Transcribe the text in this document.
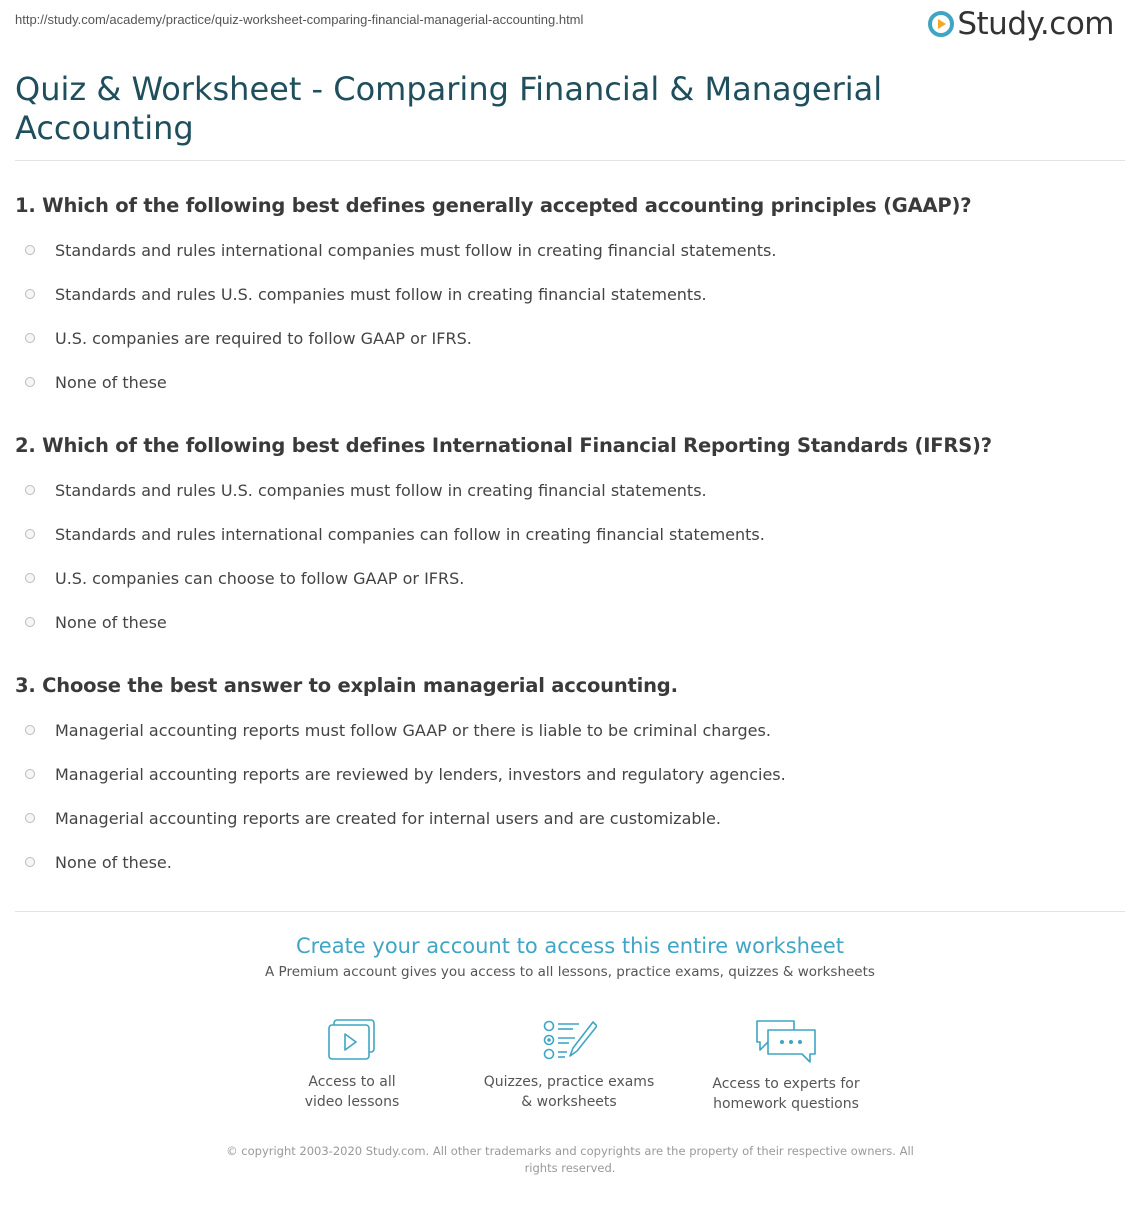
http://study.com/academy/practice/quiz-worksheet-comparing-financial-managerial-accounting.html	Study.com
Quiz & Worksheet - Comparing Financial & Managerial Accounting

1. Which of the following best defines generally accepted accounting principles (GAAP)?

Standards and rules international companies must follow in creating financial statements.
Standards and rules U.S. companies must follow in creating financial statements.
U.S. companies are required to follow GAAP or IFRS.
None of these

2. Which of the following best defines International Financial Reporting Standards (IFRS)?

Standards and rules U.S. companies must follow in creating financial statements.
Standards and rules international companies can follow in creating financial statements.
U.S. companies can choose to follow GAAP or IFRS.
None of these

3. Choose the best answer to explain managerial accounting.

Managerial accounting reports must follow GAAP or there is liable to be criminal charges.
Managerial accounting reports are reviewed by lenders, investors and regulatory agencies.
Managerial accounting reports are created for internal users and are customizable.
None of these.
Create your account to access this entire worksheet
A Premium account gives you access to all lessons, practice exams, quizzes & worksheets
Access to all
video lessons
Quizzes, practice exams
& worksheets
Access to experts for
homework questions
© copyright 2003-2020 Study.com. All other trademarks and copyrights are the property of their respective owners. All rights reserved.
